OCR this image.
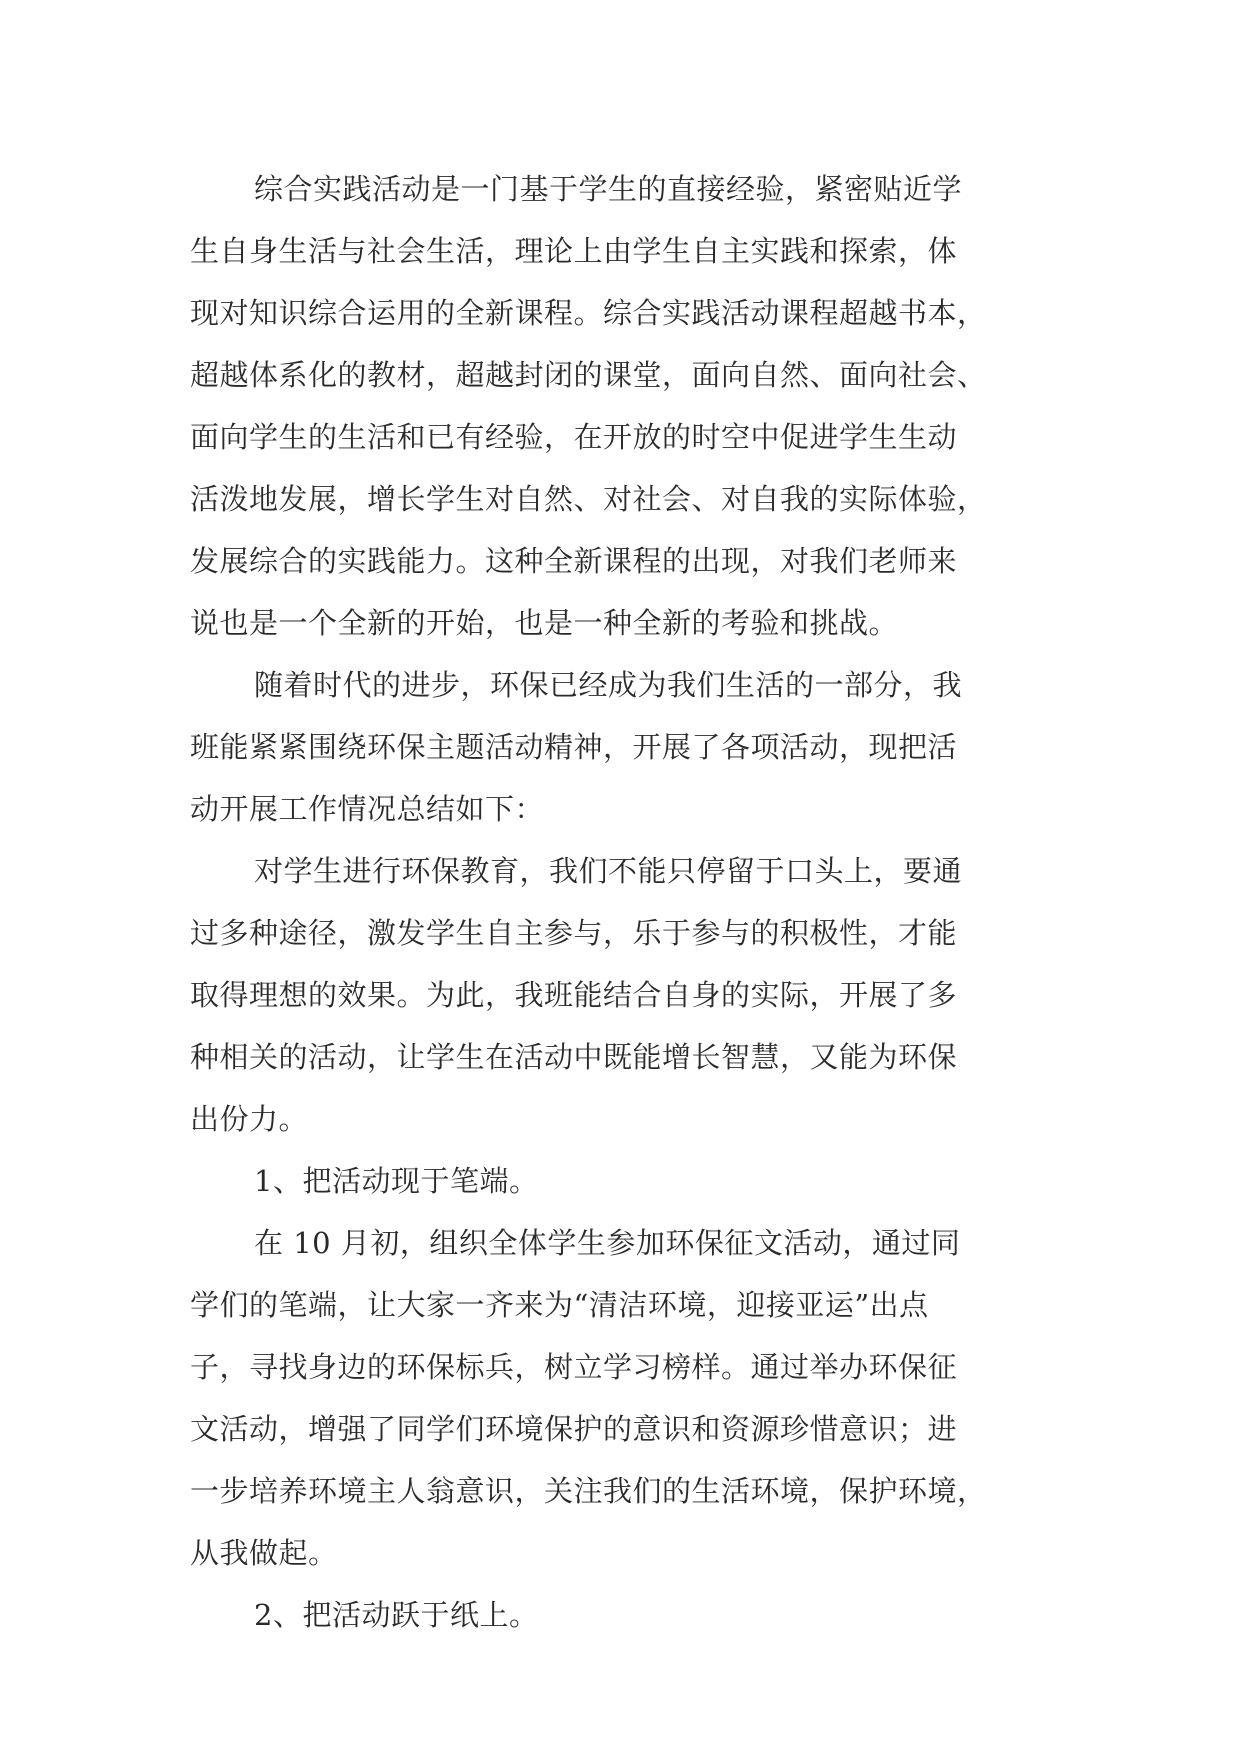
综合实践活动是一门基于学生的直接经验，紧密贴近学
生自身生活与社会生活，理论上由学生自主实践和探索，体
现对知识综合运用的全新课程。综合实践活动课程超越书本，
超越体系化的教材，超越封闭的课堂，面向自然、面向社会、
面向学生的生活和已有经验，在开放的时空中促进学生生动
活泼地发展，增长学生对自然、对社会、对自我的实际体验，
发展综合的实践能力。这种全新课程的出现，对我们老师来
说也是一个全新的开始，也是一种全新的考验和挑战。
随着时代的进步，环保已经成为我们生活的一部分，我
班能紧紧围绕环保主题活动精神，开展了各项活动，现把活
动开展工作情况总结如下：
对学生进行环保教育，我们不能只停留于口头上，要通
过多种途径，激发学生自主参与，乐于参与的积极性，才能
取得理想的效果。为此，我班能结合自身的实际，开展了多
种相关的活动，让学生在活动中既能增长智慧，又能为环保
出份力。
1、把活动现于笔端。
在 10 月初，组织全体学生参加环保征文活动，通过同
学们的笔端，让大家一齐来为“清洁环境，迎接亚运”出点
子，寻找身边的环保标兵，树立学习榜样。通过举办环保征
文活动，增强了同学们环境保护的意识和资源珍惜意识；进
一步培养环境主人翁意识，关注我们的生活环境，保护环境，
从我做起。
2、把活动跃于纸上。
